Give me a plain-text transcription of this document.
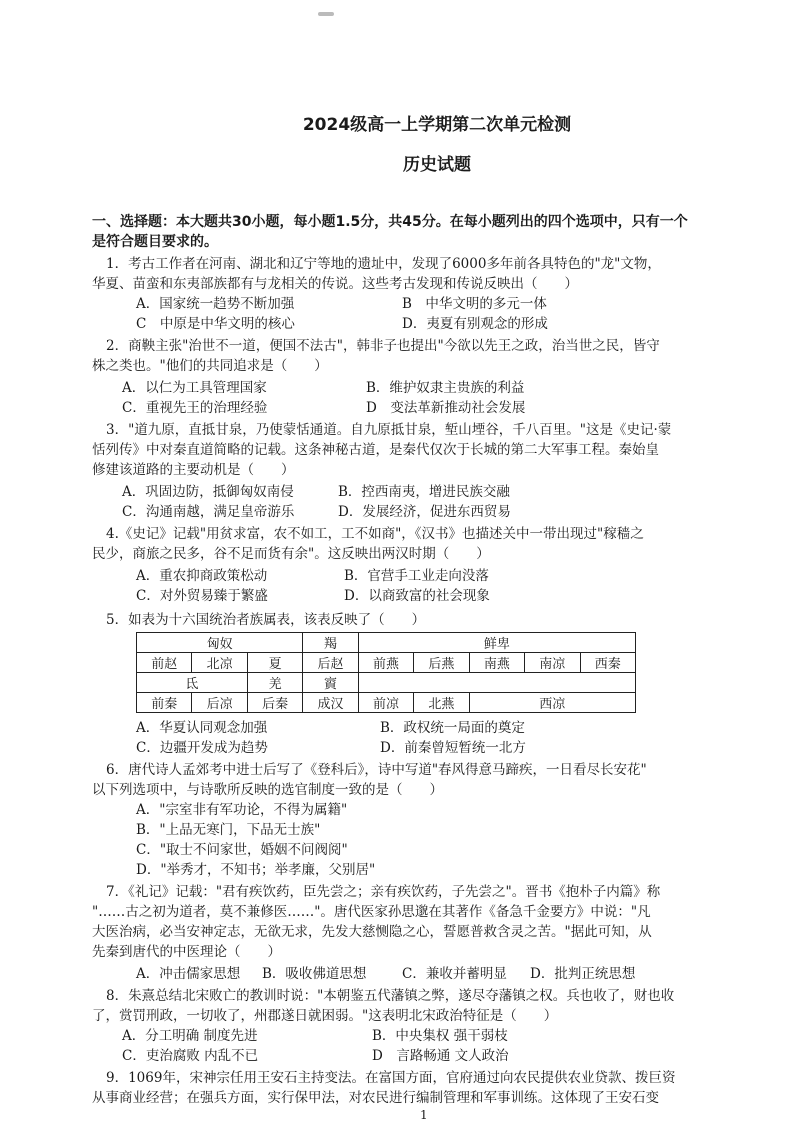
2024级高一上学期第二次单元检测
历史试题
一、选择题：本大题共30小题，每小题1.5分，共45分。在每小题列出的四个选项中，只有一个
是符合题目要求的。
1．考古工作者在河南、湖北和辽宁等地的遗址中，发现了6000多年前各具特色的"龙"文物，
华夏、苗蛮和东夷部族都有与龙相关的传说。这些考古发现和传说反映出（　　）
A．国家统一趋势不断加强	B　中华文明的多元一体
C　中原是中华文明的核心	D．夷夏有别观念的形成
2．商鞅主张"治世不一道，便国不法古"，韩非子也提出"今欲以先王之政，治当世之民，皆守
株之类也。"他们的共同追求是（　　）
A．以仁为工具管理国家	B．维护奴隶主贵族的利益
C．重视先王的治理经验	D　变法革新推动社会发展
3．"道九原，直抵甘泉，乃使蒙恬通道。自九原抵甘泉，堑山堙谷，千八百里。"这是《史记·蒙
恬列传》中对秦直道简略的记载。这条神秘古道，是秦代仅次于长城的第二大军事工程。秦始皇
修建该道路的主要动机是（　　）
A．巩固边防，抵御匈奴南侵	B．控西南夷，增进民族交融
C．沟通南越，满足皇帝游乐	D．发展经济，促进东西贸易
4.《史记》记载"用贫求富，农不如工，工不如商"，《汉书》也描述关中一带出现过"稼穑之
民少，商旅之民多，谷不足而货有余"。这反映出两汉时期（　　）
A．重农抑商政策松动	B．官营手工业走向没落
C．对外贸易臻于繁盛	D．以商致富的社会现象
5．如表为十六国统治者族属表，该表反映了（　　）
匈奴			羯	鲜卑				
前赵	北凉	夏	后赵	前燕	后燕	南燕	南凉	西秦
氐		羌	賨					
前秦	后凉	后秦	成汉	前凉	北燕	西凉		
A．华夏认同观念加强	B．政权统一局面的奠定
C．边疆开发成为趋势	D．前秦曾短暂统一北方
6．唐代诗人孟郊考中进士后写了《登科后》，诗中写道"春风得意马蹄疾，一日看尽长安花"
以下列选项中，与诗歌所反映的选官制度一致的是（　　）
A．"宗室非有军功论，不得为属籍"
B．"上品无寒门，下品无士族"
C．"取士不问家世，婚姻不问阀阅"
D．"举秀才，不知书；举孝廉，父别居"
7．《礼记》记载："君有疾饮药，臣先尝之；亲有疾饮药，子先尝之"。晋书《抱朴子内篇》称
"……古之初为道者，莫不兼修医……"。唐代医家孙思邈在其著作《备急千金要方》中说："凡
大医治病，必当安神定志，无欲无求，先发大慈恻隐之心，誓愿普救含灵之苦。"据此可知，从
先秦到唐代的中医理论（　　）
A．冲击儒家思想 B．吸收佛道思想	C．兼收并蓄明显 D．批判正统思想
8．朱熹总结北宋败亡的教训时说："本朝鉴五代藩镇之弊，遂尽夺藩镇之权。兵也收了，财也收
了，赏罚刑政，一切收了，州郡遂日就困弱。"这表明北宋政治特征是（　　）
A．分工明确 制度先进	B．中央集权 强干弱枝
C．吏治腐败 内乱不已	D　言路畅通 文人政治
9．1069年，宋神宗任用王安石主持变法。在富国方面，官府通过向农民提供农业贷款、拨巨资
从事商业经营；在强兵方面，实行保甲法，对农民进行编制管理和军事训练。这体现了王安石变
1
